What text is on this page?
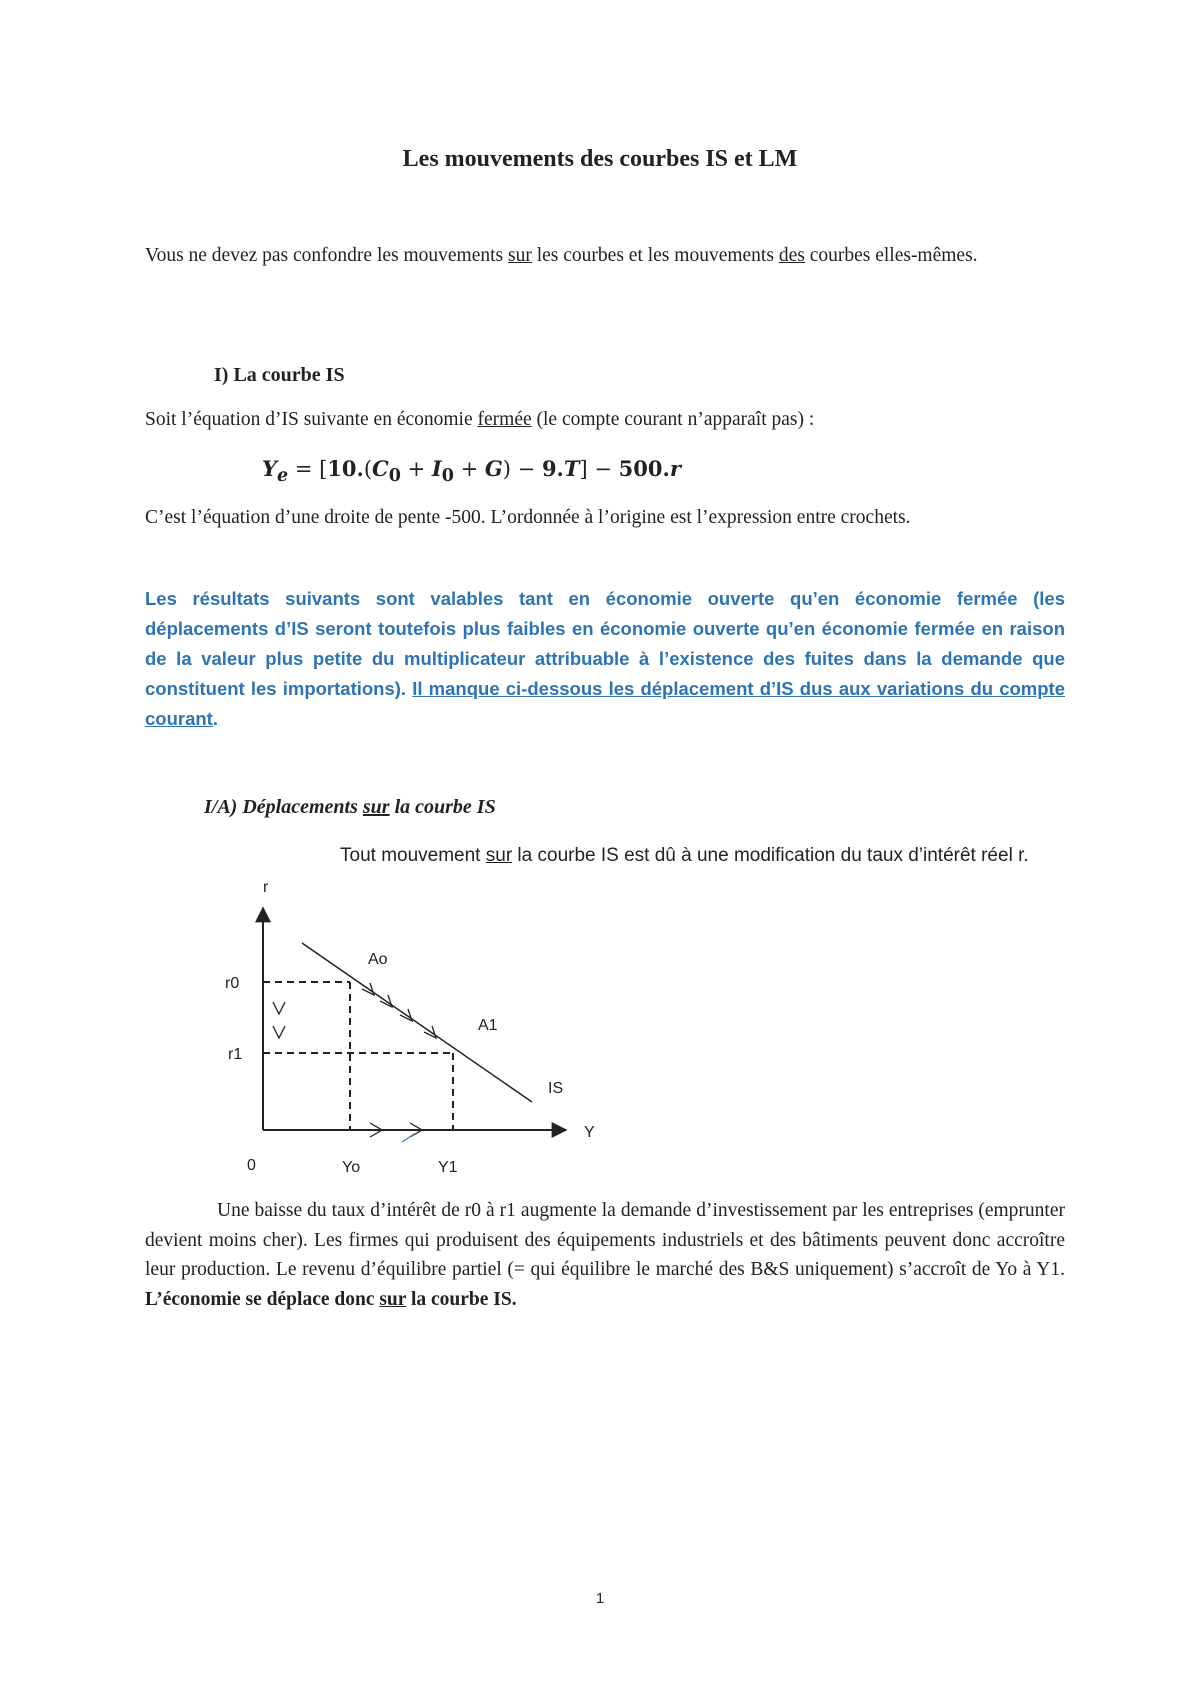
Les mouvements des courbes IS et LM
Vous ne devez pas confondre les mouvements sur les courbes et les mouvements des courbes elles-mêmes.
I) La courbe IS
Soit l’équation d’IS suivante en économie fermée (le compte courant n’apparaît pas) :
$Y_e = [10.(C_0 + I_0 + G) - 9.T] - 500.r$
C’est l’équation d’une droite de pente -500. L’ordonnée à l’origine est l’expression entre crochets.
Les résultats suivants sont valables tant en économie ouverte qu’en économie fermée (les déplacements d’IS seront toutefois plus faibles en économie ouverte qu’en économie fermée en raison de la valeur plus petite du multiplicateur attribuable à l’existence des fuites dans la demande que constituent les importations). Il manque ci-dessous les déplacement d’IS dus aux variations du compte courant.
I/A) Déplacements sur la courbe IS
Tout mouvement sur la courbe IS est dû à une modification du taux d’intérêt réel r.
r
Y
0
r0
r1
Yo	Y1
Ao
A1
IS
Une baisse du taux d’intérêt de r0 à r1 augmente la demande d’investissement par les entreprises (emprunter devient moins cher). Les firmes qui produisent des équipements industriels et des bâtiments peuvent donc accroître leur production. Le revenu d’équilibre partiel (= qui équilibre le marché des B&S uniquement) s’accroît de Yo à Y1. L’économie se déplace donc sur la courbe IS.
1
